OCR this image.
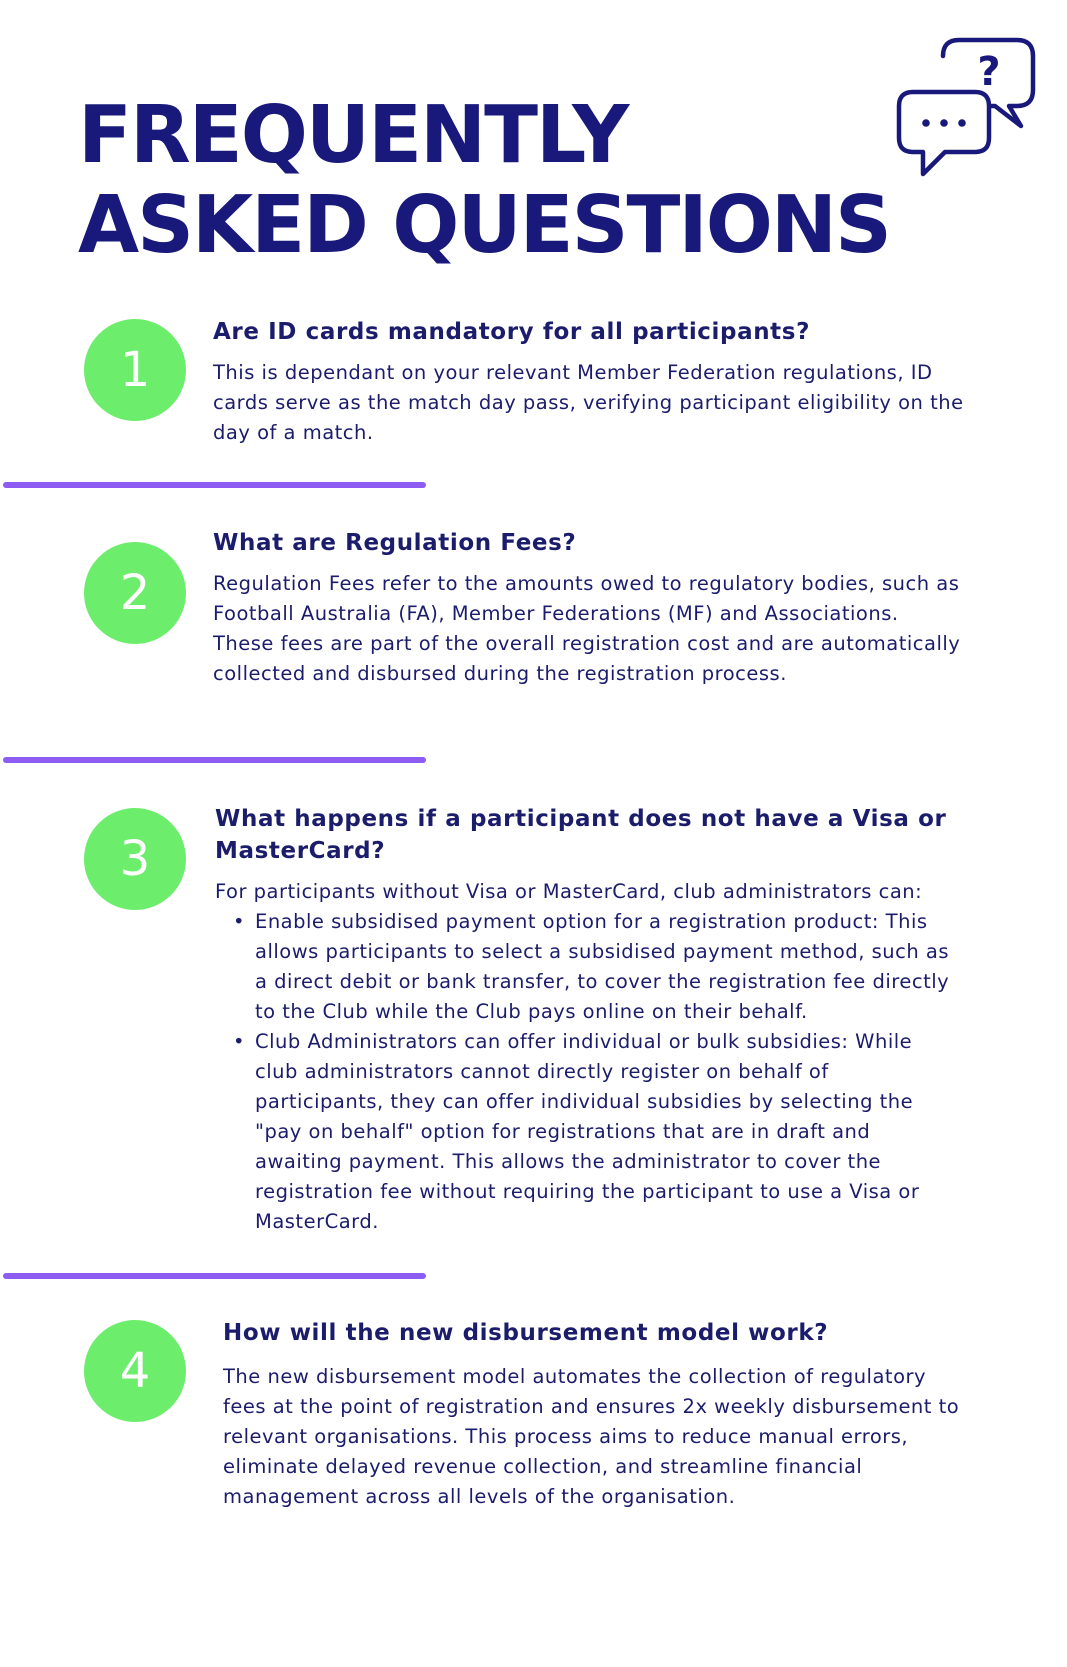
FREQUENTLY
ASKED QUESTIONS
?
1
Are ID cards mandatory for all participants?
This is dependant on your relevant Member Federation regulations, ID
cards serve as the match day pass, verifying participant eligibility on the
day of a match.
2
What are Regulation Fees?
Regulation Fees refer to the amounts owed to regulatory bodies, such as
Football Australia (FA), Member Federations (MF) and Associations.
These fees are part of the overall registration cost and are automatically
collected and disbursed during the registration process.
3
What happens if a participant does not have a Visa or
MasterCard?

For participants without Visa or MasterCard, club administrators can:

• Enable subsidised payment option for a registration product: This
allows participants to select a subsidised payment method, such as
a direct debit or bank transfer, to cover the registration fee directly
to the Club while the Club pays online on their behalf.
• Club Administrators can offer individual or bulk subsidies: While
club administrators cannot directly register on behalf of
participants, they can offer individual subsidies by selecting the
"pay on behalf" option for registrations that are in draft and
awaiting payment. This allows the administrator to cover the
registration fee without requiring the participant to use a Visa or
MasterCard.
4
How will the new disbursement model work?
The new disbursement model automates the collection of regulatory
fees at the point of registration and ensures 2x weekly disbursement to
relevant organisations. This process aims to reduce manual errors,
eliminate delayed revenue collection, and streamline financial
management across all levels of the organisation.
